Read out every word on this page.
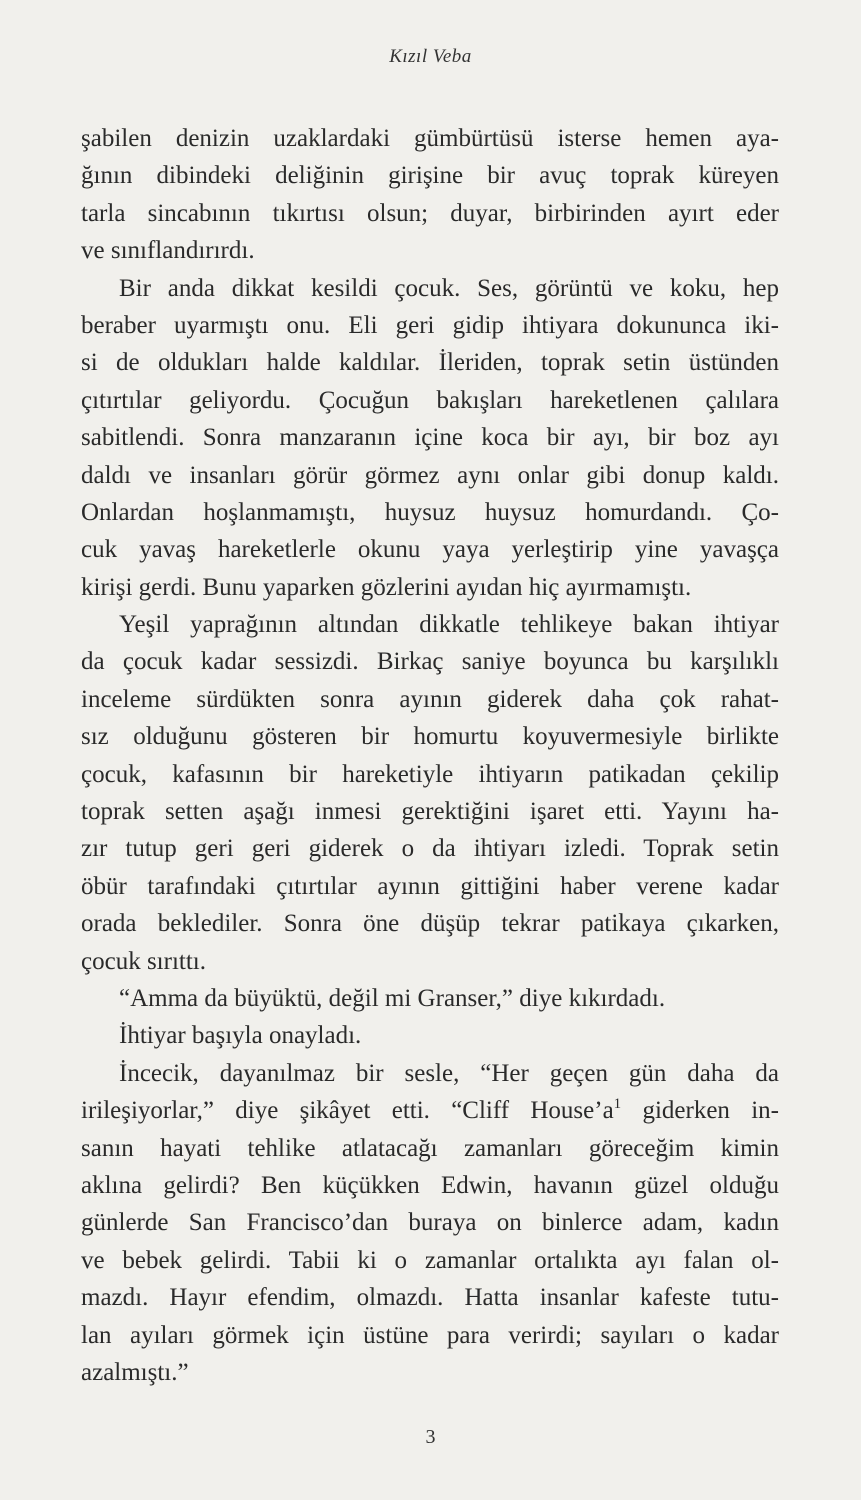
Kızıl Veba
şabilen denizin uzaklardaki gümbürtüsü isterse hemen aya-
ğının dibindeki deliğinin girişine bir avuç toprak küreyen
tarla sincabının tıkırtısı olsun; duyar, birbirinden ayırt eder
ve sınıflandırırdı.
Bir anda dikkat kesildi çocuk. Ses, görüntü ve koku, hep
beraber uyarmıştı onu. Eli geri gidip ihtiyara dokununca iki-
si de oldukları halde kaldılar. İleriden, toprak setin üstünden
çıtırtılar geliyordu. Çocuğun bakışları hareketlenen çalılara
sabitlendi. Sonra manzaranın içine koca bir ayı, bir boz ayı
daldı ve insanları görür görmez aynı onlar gibi donup kaldı.
Onlardan hoşlanmamıştı, huysuz huysuz homurdandı. Ço-
cuk yavaş hareketlerle okunu yaya yerleştirip yine yavaşça
kirişi gerdi. Bunu yaparken gözlerini ayıdan hiç ayırmamıştı.
Yeşil yaprağının altından dikkatle tehlikeye bakan ihtiyar
da çocuk kadar sessizdi. Birkaç saniye boyunca bu karşılıklı
inceleme sürdükten sonra ayının giderek daha çok rahat-
sız olduğunu gösteren bir homurtu koyuvermesiyle birlikte
çocuk, kafasının bir hareketiyle ihtiyarın patikadan çekilip
toprak setten aşağı inmesi gerektiğini işaret etti. Yayını ha-
zır tutup geri geri giderek o da ihtiyarı izledi. Toprak setin
öbür tarafındaki çıtırtılar ayının gittiğini haber verene kadar
orada beklediler. Sonra öne düşüp tekrar patikaya çıkarken,
çocuk sırıttı.
“Amma da büyüktü, değil mi Granser,” diye kıkırdadı.
İhtiyar başıyla onayladı.
İncecik, dayanılmaz bir sesle, “Her geçen gün daha da
irileşiyorlar,” diye şikâyet etti. “Cliff $House’a^1$ giderken in-
sanın hayati tehlike atlatacağı zamanları göreceğim kimin
aklına gelirdi? Ben küçükken Edwin, havanın güzel olduğu
günlerde San Francisco’dan buraya on binlerce adam, kadın
ve bebek gelirdi. Tabii ki o zamanlar ortalıkta ayı falan ol-
mazdı. Hayır efendim, olmazdı. Hatta insanlar kafeste tutu-
lan ayıları görmek için üstüne para verirdi; sayıları o kadar
azalmıştı.”
3
